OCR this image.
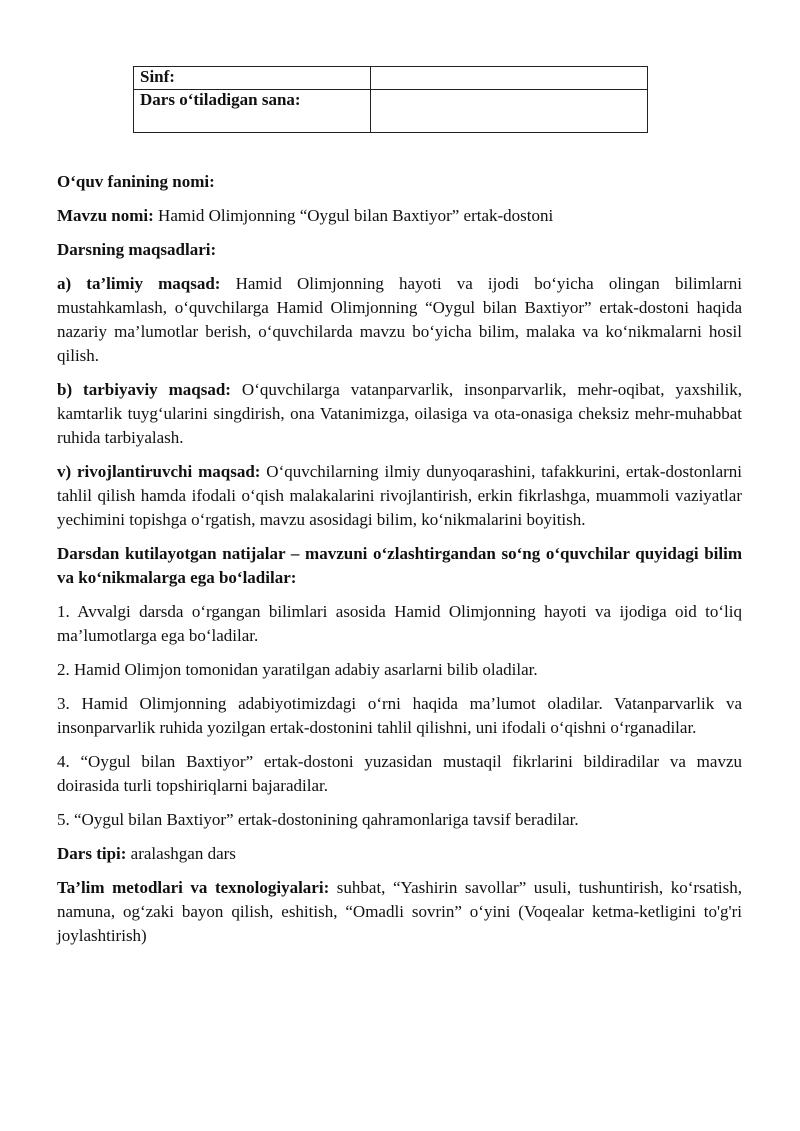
Sinf:	
Dars o‘tiladigan sana:	

O‘quv fanining nomi:

Mavzu nomi: Hamid Olimjonning “Oygul bilan Baxtiyor” ertak-dostoni

Darsning maqsadlari:

a) ta’limiy maqsad: Hamid Olimjonning hayoti va ijodi bo‘yicha olingan bilimlarni mustahkamlash, o‘quvchilarga Hamid Olimjonning “Oygul bilan Baxtiyor” ertak-dostoni haqida nazariy ma’lumotlar berish, o‘quvchilarda mavzu bo‘yicha bilim, malaka va ko‘nikmalarni hosil qilish.

b) tarbiyaviy maqsad: O‘quvchilarga vatanparvarlik, insonparvarlik, mehr-oqibat, yaxshilik, kamtarlik tuyg‘ularini singdirish, ona Vatanimizga, oilasiga va ota-onasiga cheksiz mehr-muhabbat ruhida tarbiyalash.

v) rivojlantiruvchi maqsad: O‘quvchilarning ilmiy dunyoqarashini, tafakkurini, ertak-dostonlarni tahlil qilish hamda ifodali o‘qish malakalarini rivojlantirish, erkin fikrlashga, muammoli vaziyatlar yechimini topishga o‘rgatish, mavzu asosidagi bilim, ko‘nikmalarini boyitish.

Darsdan kutilayotgan natijalar – mavzuni o‘zlashtirgandan so‘ng o‘quvchilar quyidagi bilim va ko‘nikmalarga ega bo‘ladilar:

1. Avvalgi darsda o‘rgangan bilimlari asosida Hamid Olimjonning hayoti va ijodiga oid to‘liq ma’lumotlarga ega bo‘ladilar.

2. Hamid Olimjon tomonidan yaratilgan adabiy asarlarni bilib oladilar.

3. Hamid Olimjonning adabiyotimizdagi o‘rni haqida ma’lumot oladilar. Vatanparvarlik va insonparvarlik ruhida yozilgan ertak-dostonini tahlil qilishni, uni ifodali o‘qishni o‘rganadilar.

4. “Oygul bilan Baxtiyor” ertak-dostoni yuzasidan mustaqil fikrlarini bildiradilar va mavzu doirasida turli topshiriqlarni bajaradilar.

5. “Oygul bilan Baxtiyor” ertak-dostonining qahramonlariga tavsif beradilar.

Dars tipi: aralashgan dars

Ta’lim metodlari va texnologiyalari: suhbat, “Yashirin savollar” usuli, tushuntirish, ko‘rsatish, namuna, og‘zaki bayon qilish, eshitish, “Omadli sovrin” o‘yini (Voqealar ketma-ketligini to'g'ri joylashtirish)
